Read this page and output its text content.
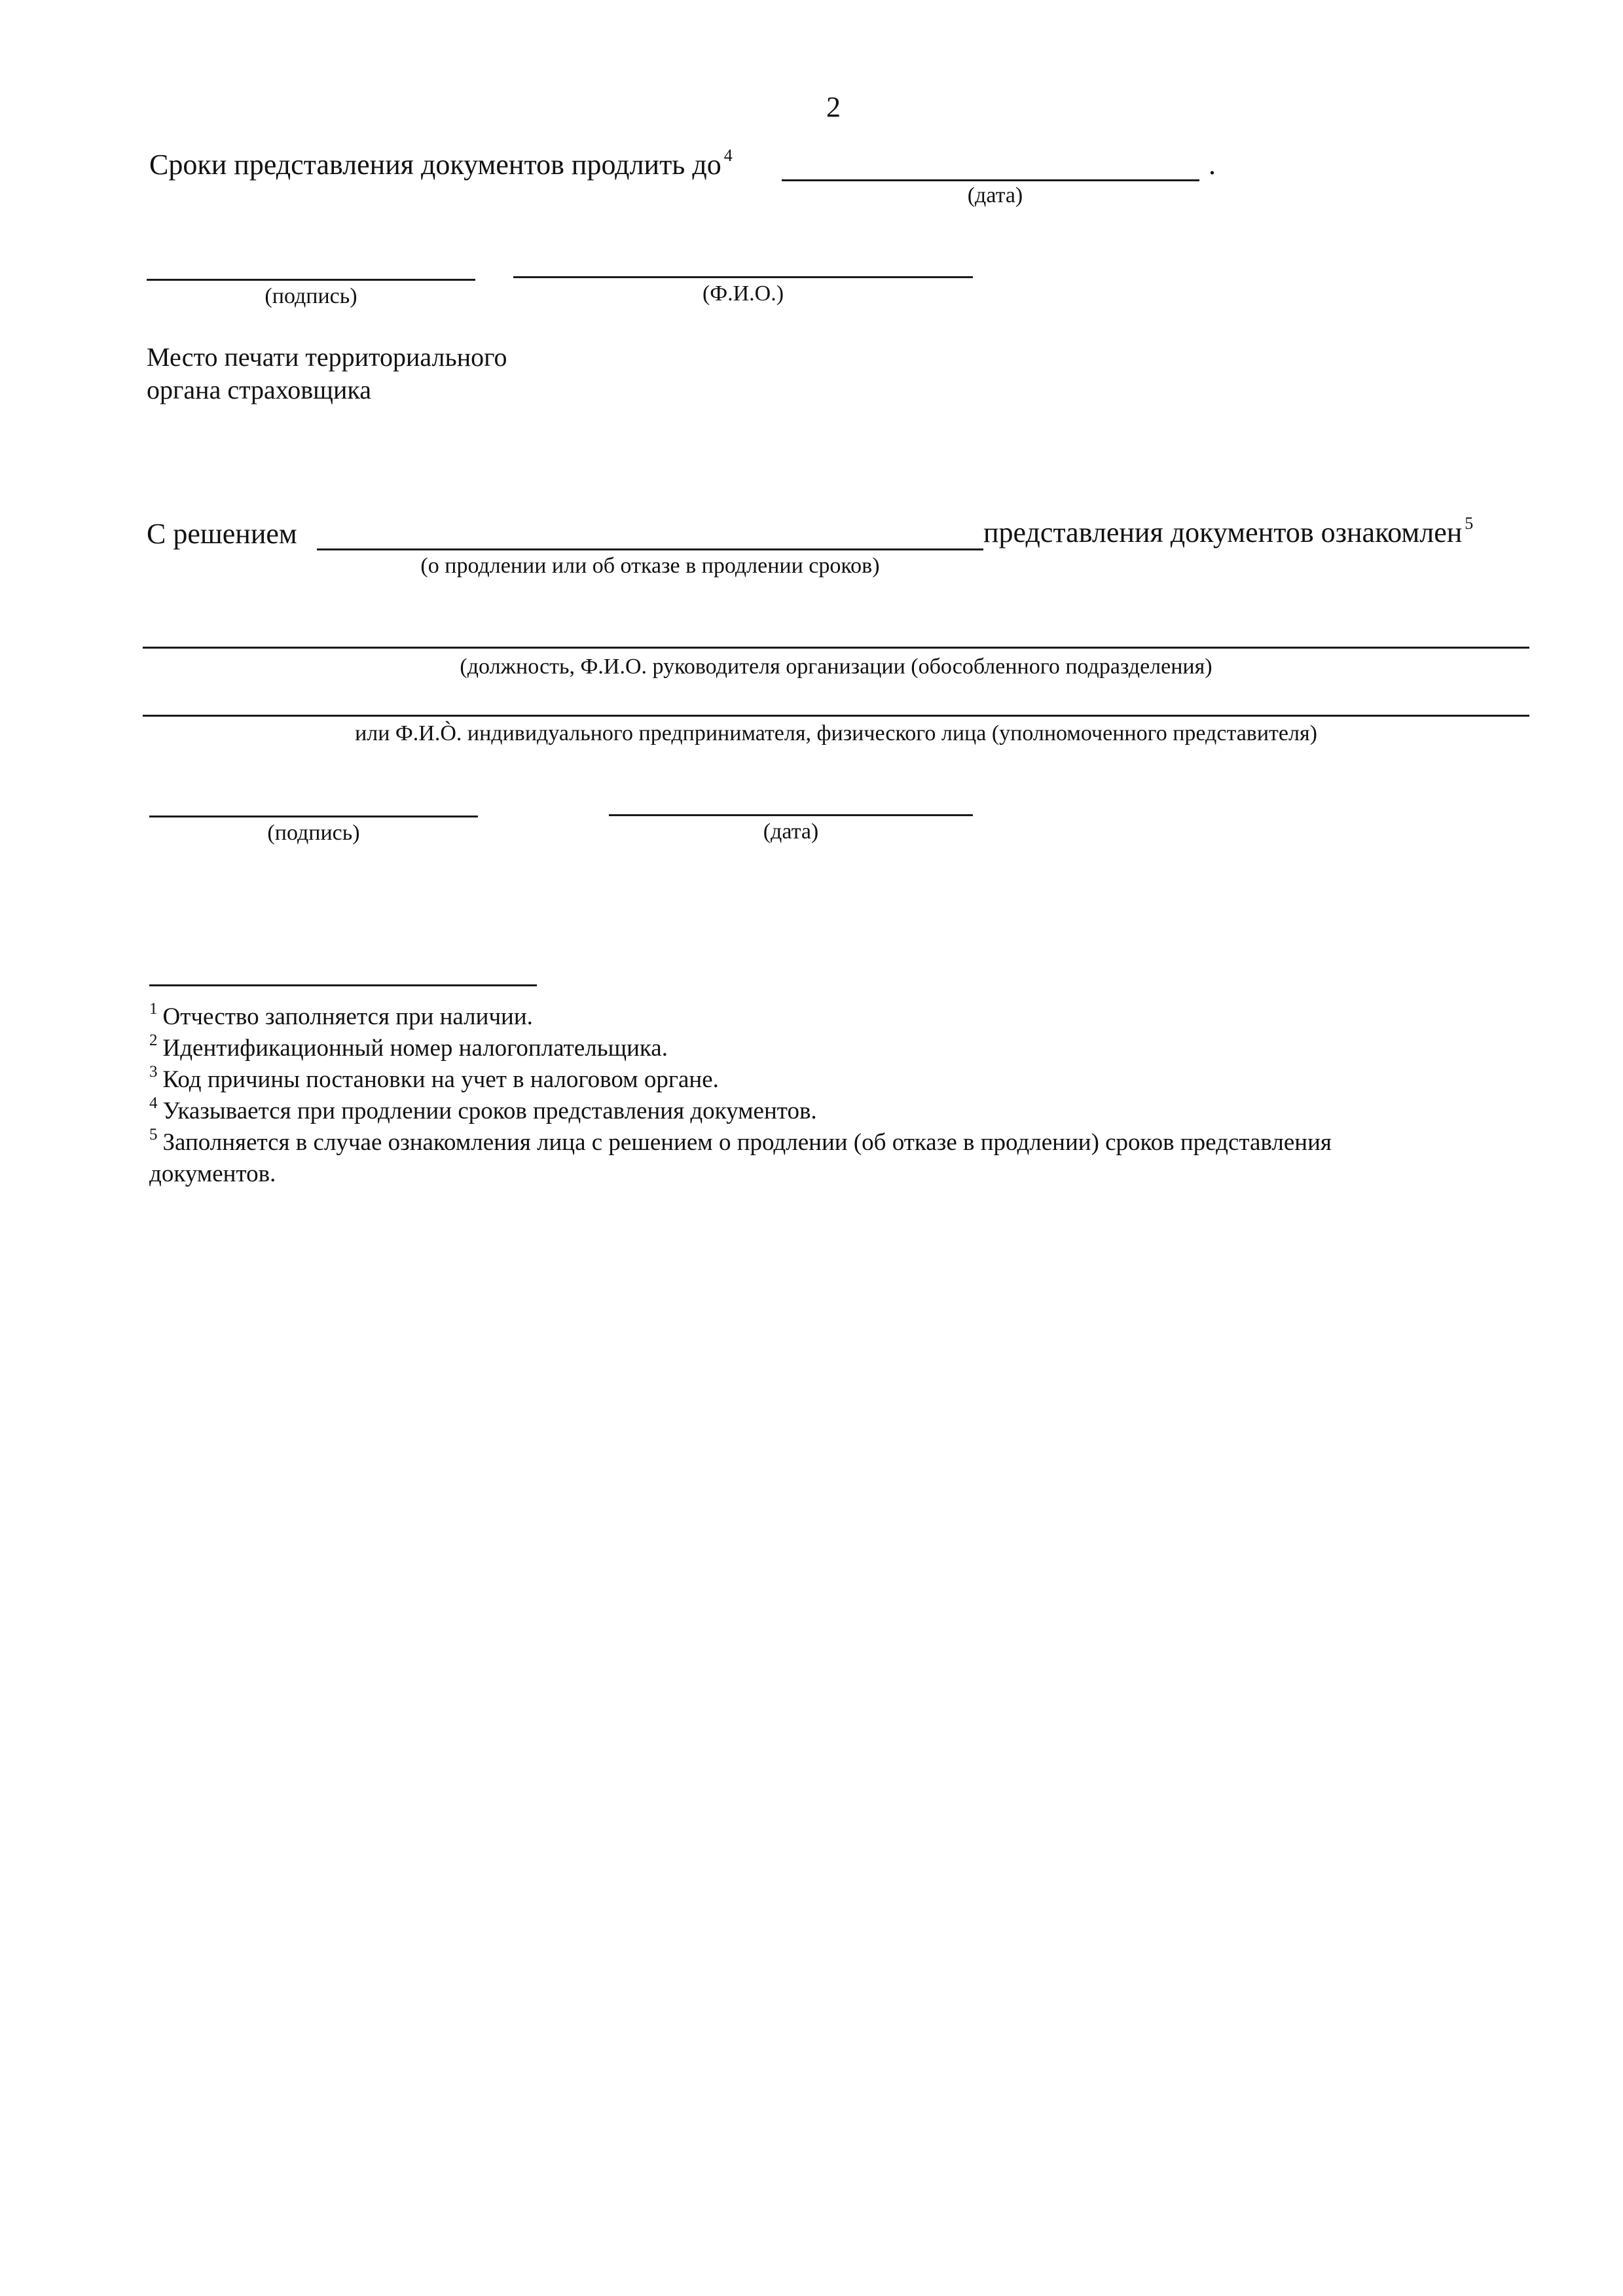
2
Сроки представления документов продлить до $^4$	.
(дата)
(подпись)	(Ф.И.О.)
Место печати территориального
органа страховщика
С решением	представления документов ознакомлен $^5$
(о продлении или об отказе в продлении сроков)
(должность, Ф.И.О. руководителя организации (обособленного подразделения)
или Ф.И.Ò. индивидуального предпринимателя, физического лица (уполномоченного представителя)
(подпись)	(дата)
$^1$ Отчество заполняется при наличии.
$^2$ Идентификационный номер налогоплательщика.
$^3$ Код причины постановки на учет в налоговом органе.
$^4$ Указывается при продлении сроков представления документов.
$^5$ Заполняется в случае ознакомления лица с решением о продлении (об отказе в продлении) сроков представления
документов.
